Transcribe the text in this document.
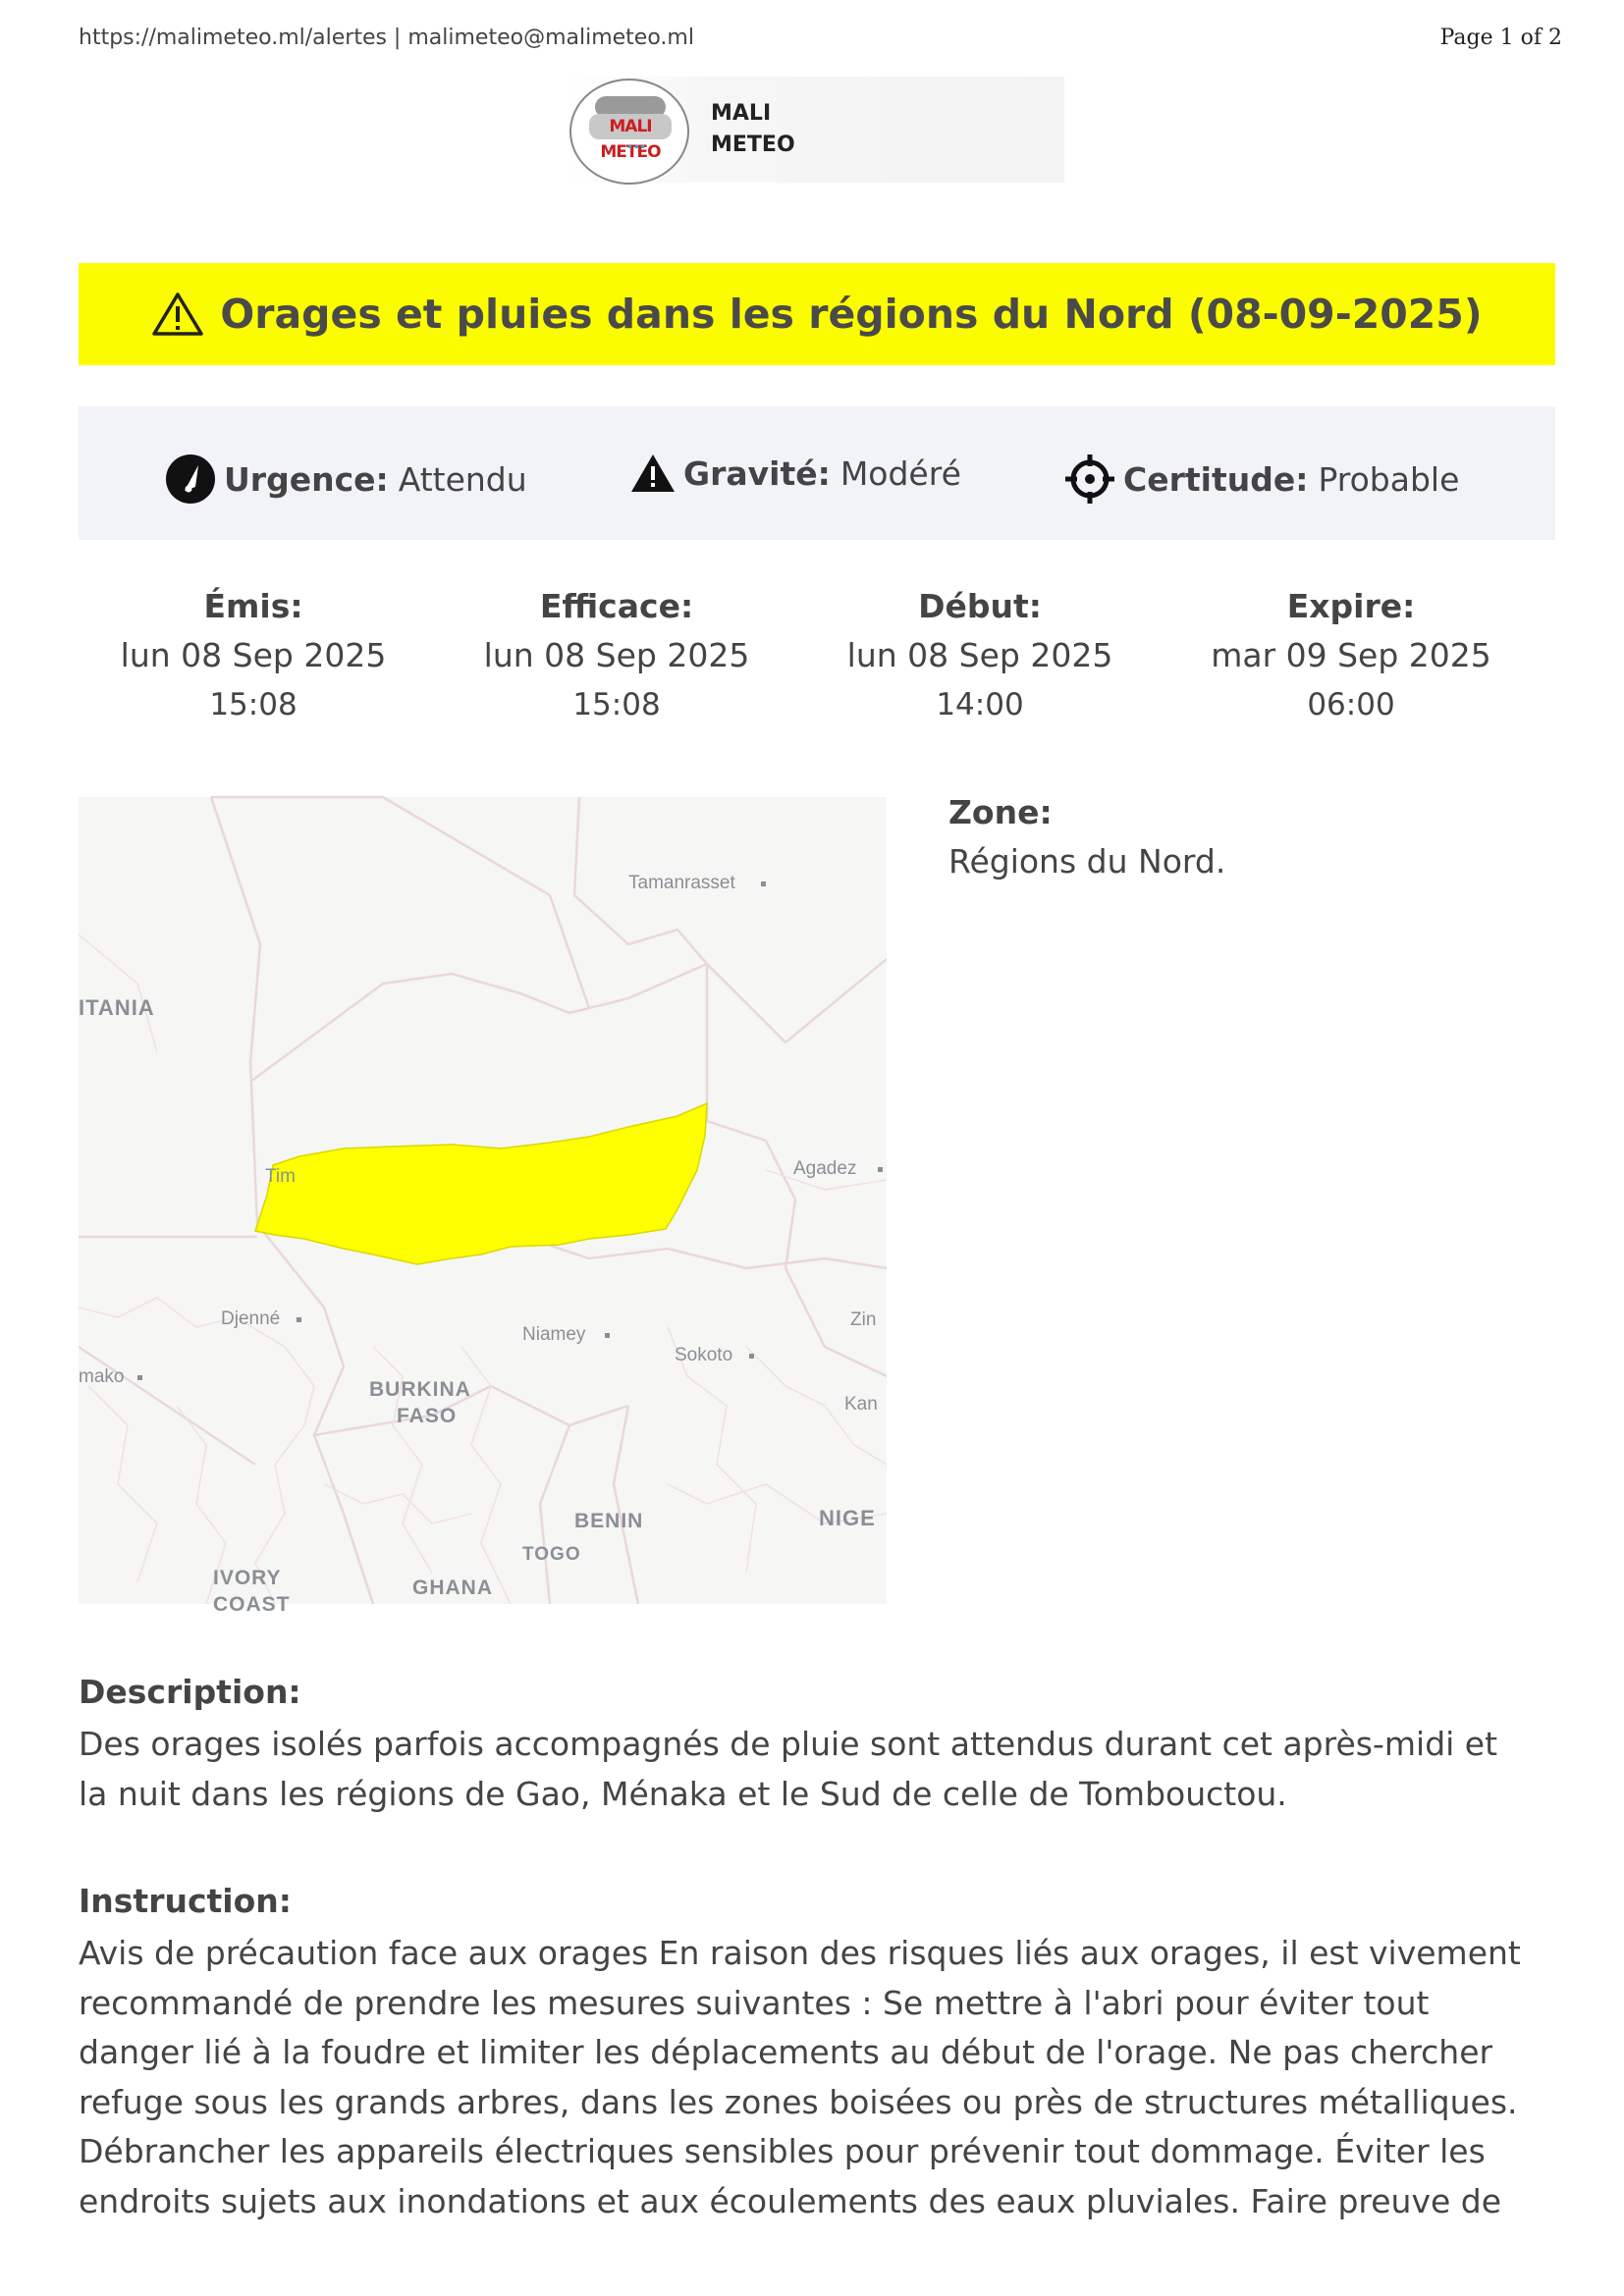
https://malimeteo.ml/alertes | malimeteo@malimeteo.ml	Page 1 of 2
MALI METEO
MALI
METEO
Orages et pluies dans les régions du Nord (08-09-2025)
Urgence: Attendu	Gravité: Modéré	Certitude: Probable
Émis:
lun 08 Sep 2025
15:08
Efficace:
lun 08 Sep 2025
15:08
Début:
lun 08 Sep 2025
14:00
Expire:
mar 09 Sep 2025
06:00
Tamanrasset
ITANIA
Tim	Agadez
Djenné
Niamey
Sokoto
Zin
Kan
mako
BURKINA
FASO
BENIN	NIGE
TOGO
IVORY
COAST
GHANA
Zone:
Régions du Nord.
Description:
Des orages isolés parfois accompagnés de pluie sont attendus durant cet après-midi et
la nuit dans les régions de Gao, Ménaka et le Sud de celle de Tombouctou.
Instruction:
Avis de précaution face aux orages En raison des risques liés aux orages, il est vivement
recommandé de prendre les mesures suivantes : Se mettre à l'abri pour éviter tout
danger lié à la foudre et limiter les déplacements au début de l'orage. Ne pas chercher
refuge sous les grands arbres, dans les zones boisées ou près de structures métalliques.
Débrancher les appareils électriques sensibles pour prévenir tout dommage. Éviter les
endroits sujets aux inondations et aux écoulements des eaux pluviales. Faire preuve de
